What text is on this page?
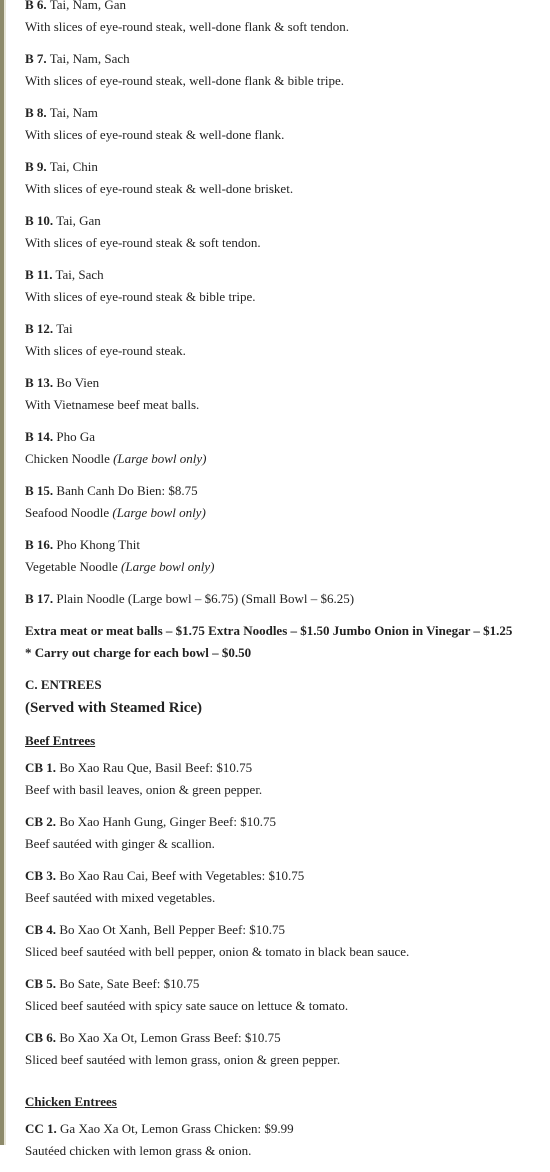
B 6. Tai, Nam, Gan
With slices of eye-round steak, well-done flank & soft tendon.
B 7. Tai, Nam, Sach
With slices of eye-round steak, well-done flank & bible tripe.
B 8. Tai, Nam
With slices of eye-round steak & well-done flank.
B 9. Tai, Chin
With slices of eye-round steak & well-done brisket.
B 10. Tai, Gan
With slices of eye-round steak & soft tendon.
B 11. Tai, Sach
With slices of eye-round steak & bible tripe.
B 12. Tai
With slices of eye-round steak.
B 13. Bo Vien
With Vietnamese beef meat balls.
B 14. Pho Ga
Chicken Noodle (Large bowl only)
B 15. Banh Canh Do Bien: $8.75
Seafood Noodle (Large bowl only)
B 16. Pho Khong Thit
Vegetable Noodle (Large bowl only)
B 17. Plain Noodle (Large bowl – $6.75) (Small Bowl – $6.25)
Extra meat or meat balls – $1.75 Extra Noodles – $1.50 Jumbo Onion in Vinegar – $1.25
* Carry out charge for each bowl – $0.50
C. ENTREES
(Served with Steamed Rice)
Beef Entrees
CB 1. Bo Xao Rau Que, Basil Beef: $10.75
Beef with basil leaves, onion & green pepper.
CB 2. Bo Xao Hanh Gung, Ginger Beef: $10.75
Beef sautéed with ginger & scallion.
CB 3. Bo Xao Rau Cai, Beef with Vegetables: $10.75
Beef sautéed with mixed vegetables.
CB 4. Bo Xao Ot Xanh, Bell Pepper Beef: $10.75
Sliced beef sautéed with bell pepper, onion & tomato in black bean sauce.
CB 5. Bo Sate, Sate Beef: $10.75
Sliced beef sautéed with spicy sate sauce on lettuce & tomato.
CB 6. Bo Xao Xa Ot, Lemon Grass Beef: $10.75
Sliced beef sautéed with lemon grass, onion & green pepper.
Chicken Entrees
CC 1. Ga Xao Xa Ot, Lemon Grass Chicken: $9.99
Sautéed chicken with lemon grass & onion.
